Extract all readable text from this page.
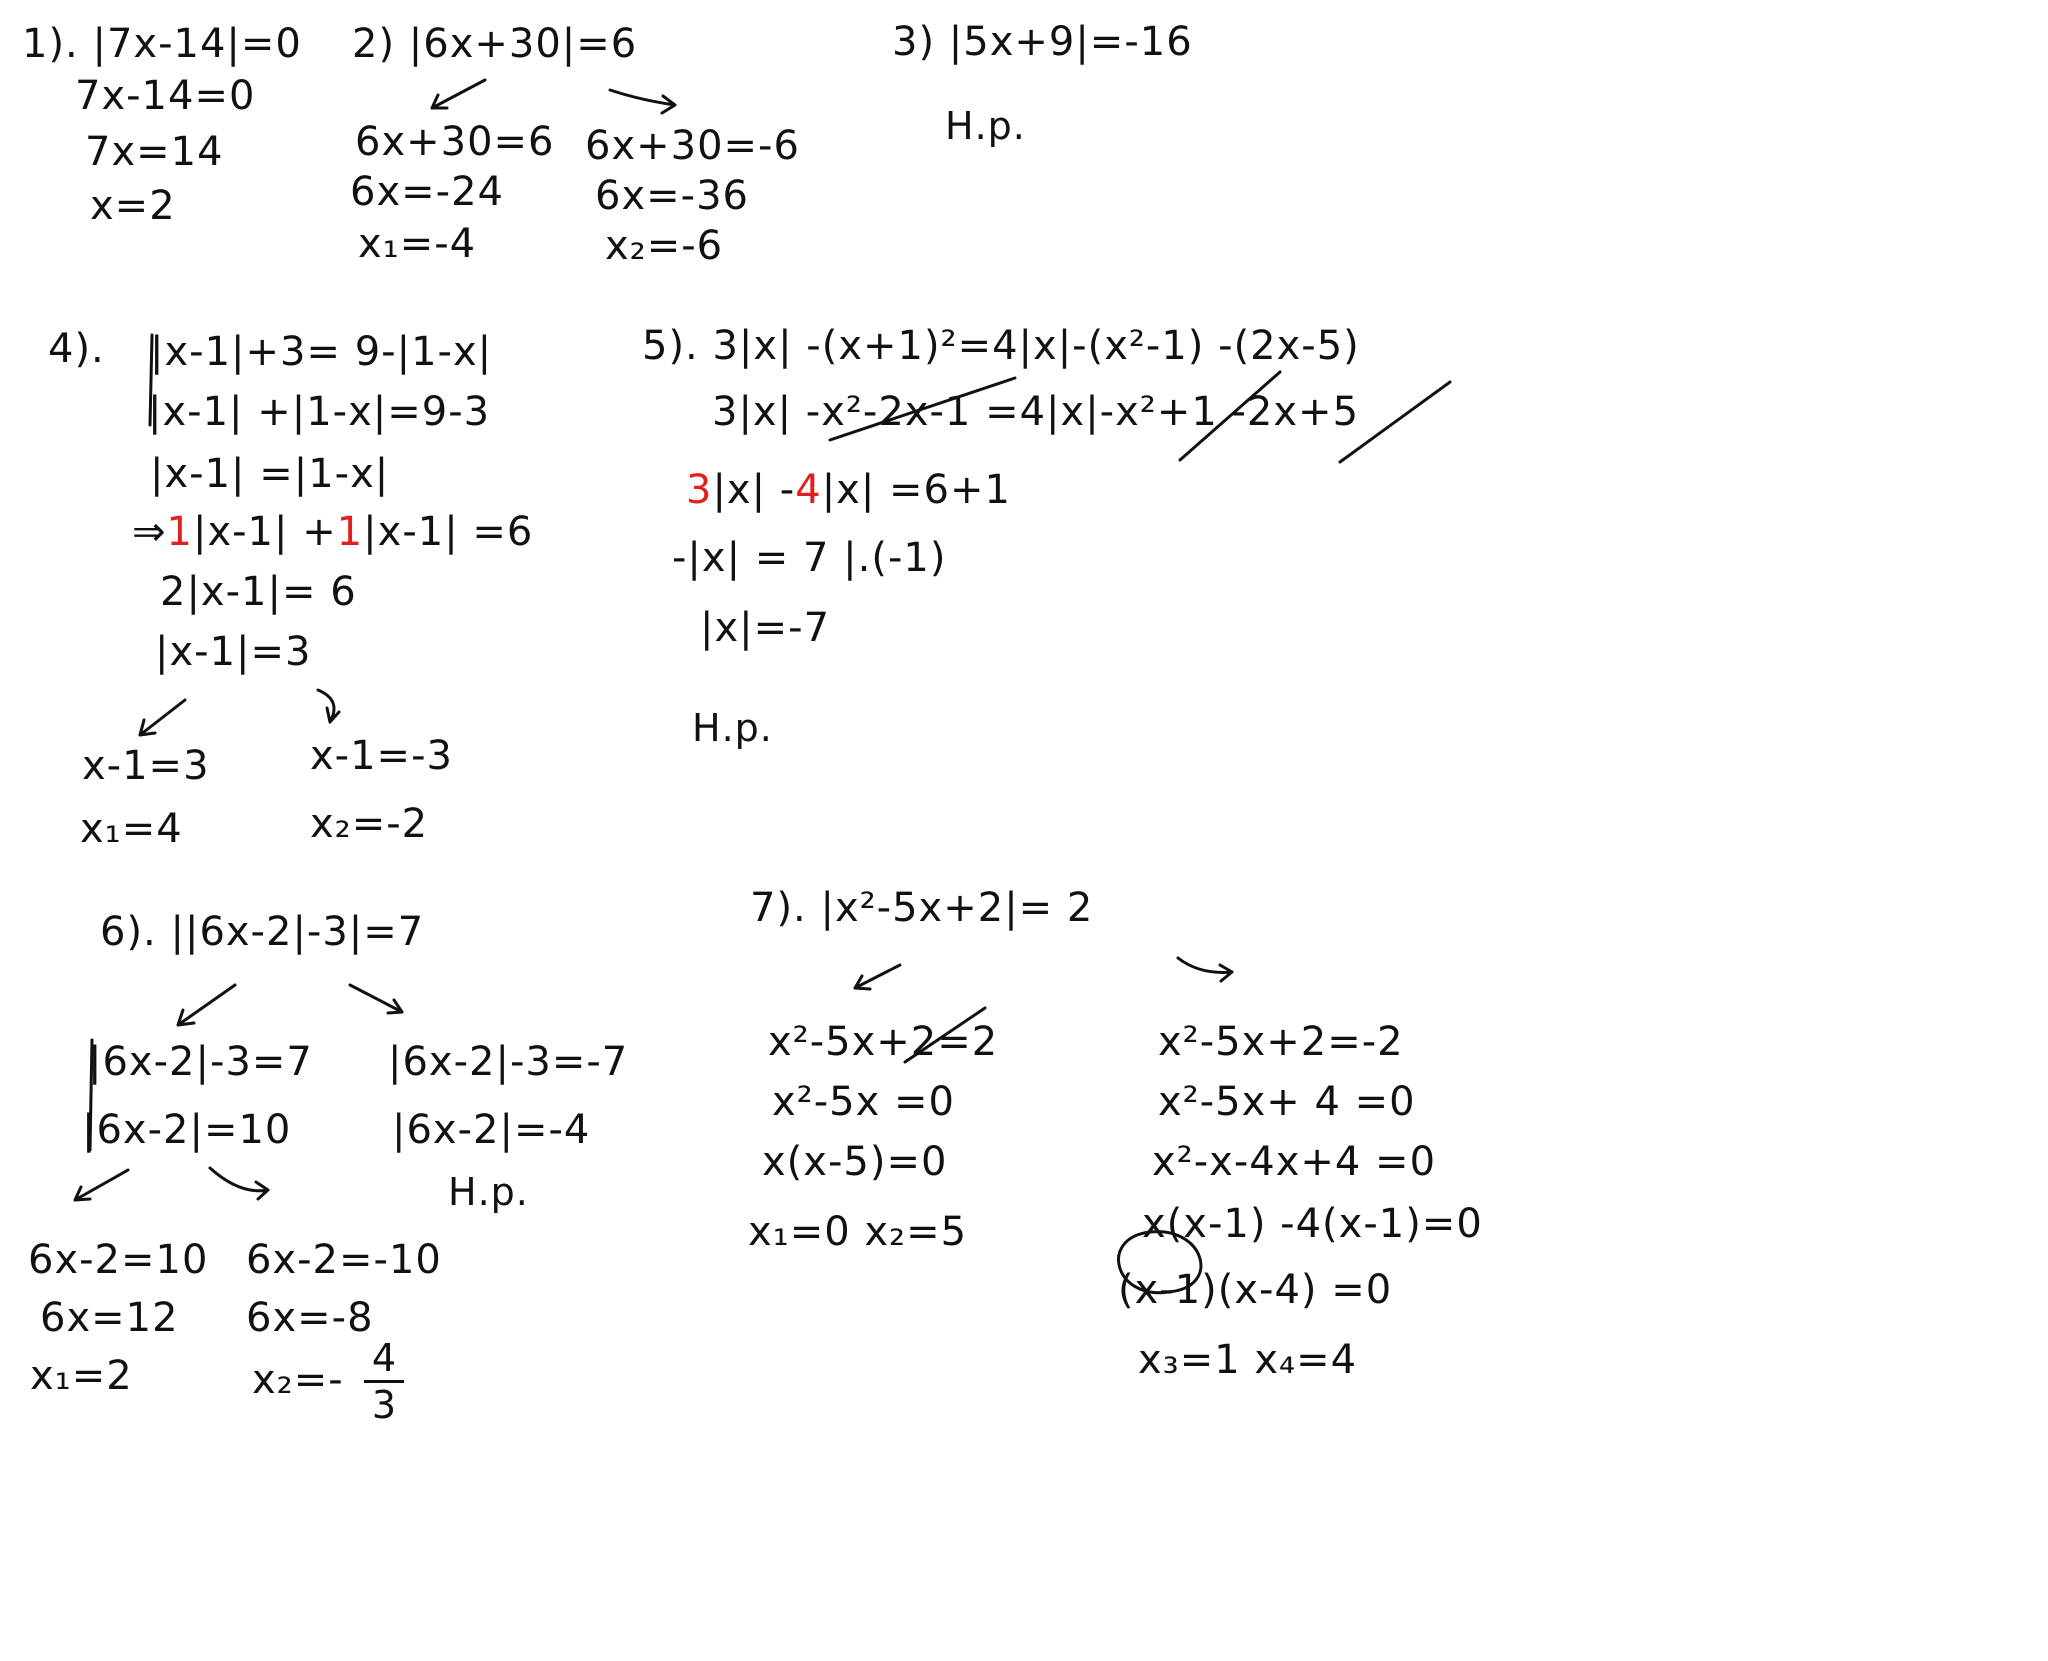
1). |7x-14|=0
7x-14=0
7x=14
x=2
2) |6x+30|=6
6x+30=6
6x=-24
x₁=-4
6x+30=-6
6x=-36
x₂=-6
3) |5x+9|=-16
Н.р.
4). |x-1|+3= 9-|1-x|
|x-1| +|1-x|=9-3
|x-1| =|1-x|
⇒1|x-1| +1|x-1| =6
2|x-1|= 6
|x-1|=3
x-1=3
x₁=4
x-1=-3
x₂=-2
5). 3|x| -(x+1)²=4|x|-(x²-1) -(2x-5)
3|x| -x²-2x-1 =4|x|-x²+1 -2x+5
3|x| -4|x| =6+1
-|x| = 7 |.(-1)
|x|=-7
Н.р.
6). ||6x-2|-3|=7
|6x-2|-3=7
|6x-2|=10
|6x-2|-3=-7
|6x-2|=-4
Н.р.
6x-2=10
6x=12
x₁=2
6x-2=-10
6x=-8
x₂=- 4
3
7). |x²-5x+2|= 2
x²-5x+2=2
x²-5x =0
x(x-5)=0
x₁=0 x₂=5
x²-5x+2=-2
x²-5x+ 4 =0
x²-x-4x+4 =0
x(x-1) -4(x-1)=0
(x-1)(x-4) =0
x₃=1 x₄=4
